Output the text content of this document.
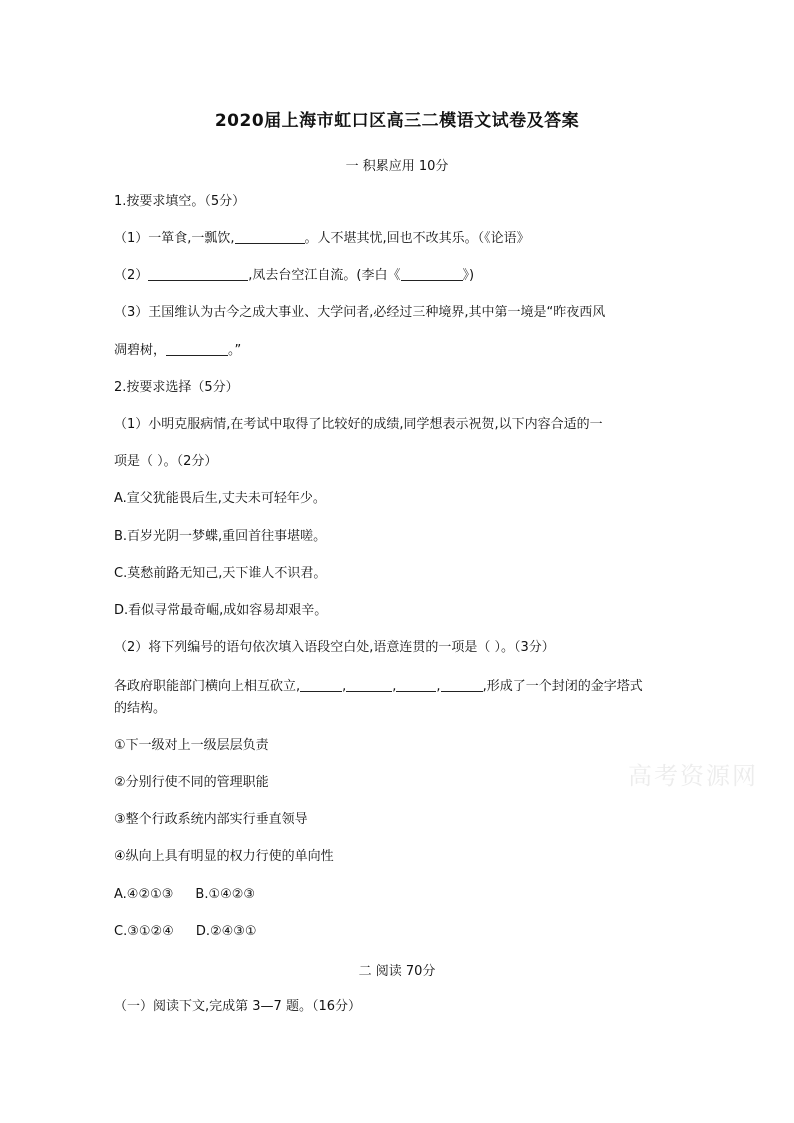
2020届上海市虹口区高三二模语文试卷及答案
一 积累应用 10分
1.按要求填空。（5分）
（1）一箪食,一瓢饮,	。人不堪其忧,回也不改其乐。（《论语》
（2）	,凤去台空江自流。(李白《	》)
（3）王国维认为古今之成大事业、大学问者,必经过三种境界,其中第一境是“昨夜西风
凋碧树，	。”
2.按要求选择（5分）
（1）小明克服病情,在考试中取得了比较好的成绩,同学想表示祝贺,以下内容合适的一
项是（ ）。（2分）
A.宣父犹能畏后生,丈夫未可轻年少。
B.百岁光阴一梦蝶,重回首往事堪嗟。
C.莫愁前路无知己,天下谁人不识君。
D.看似寻常最奇崛,成如容易却艰辛。
（2）将下列编号的语句依次填入语段空白处,语意连贯的一项是（ ）。（3分）
各政府职能部门横向上相互砍立,	,	,	,	,形成了一个封闭的金字塔式
的结构。
①下一级对上一级层层负责
②分别行使不同的管理职能
③整个行政系统内部实行垂直领导
④纵向上具有明显的权力行使的单向性
A.④②①③ B.①④②③
C.③①②④ D.②④③①
二 阅读 70分
（一）阅读下文,完成第 3—7 题。（16分）
高考资源网
